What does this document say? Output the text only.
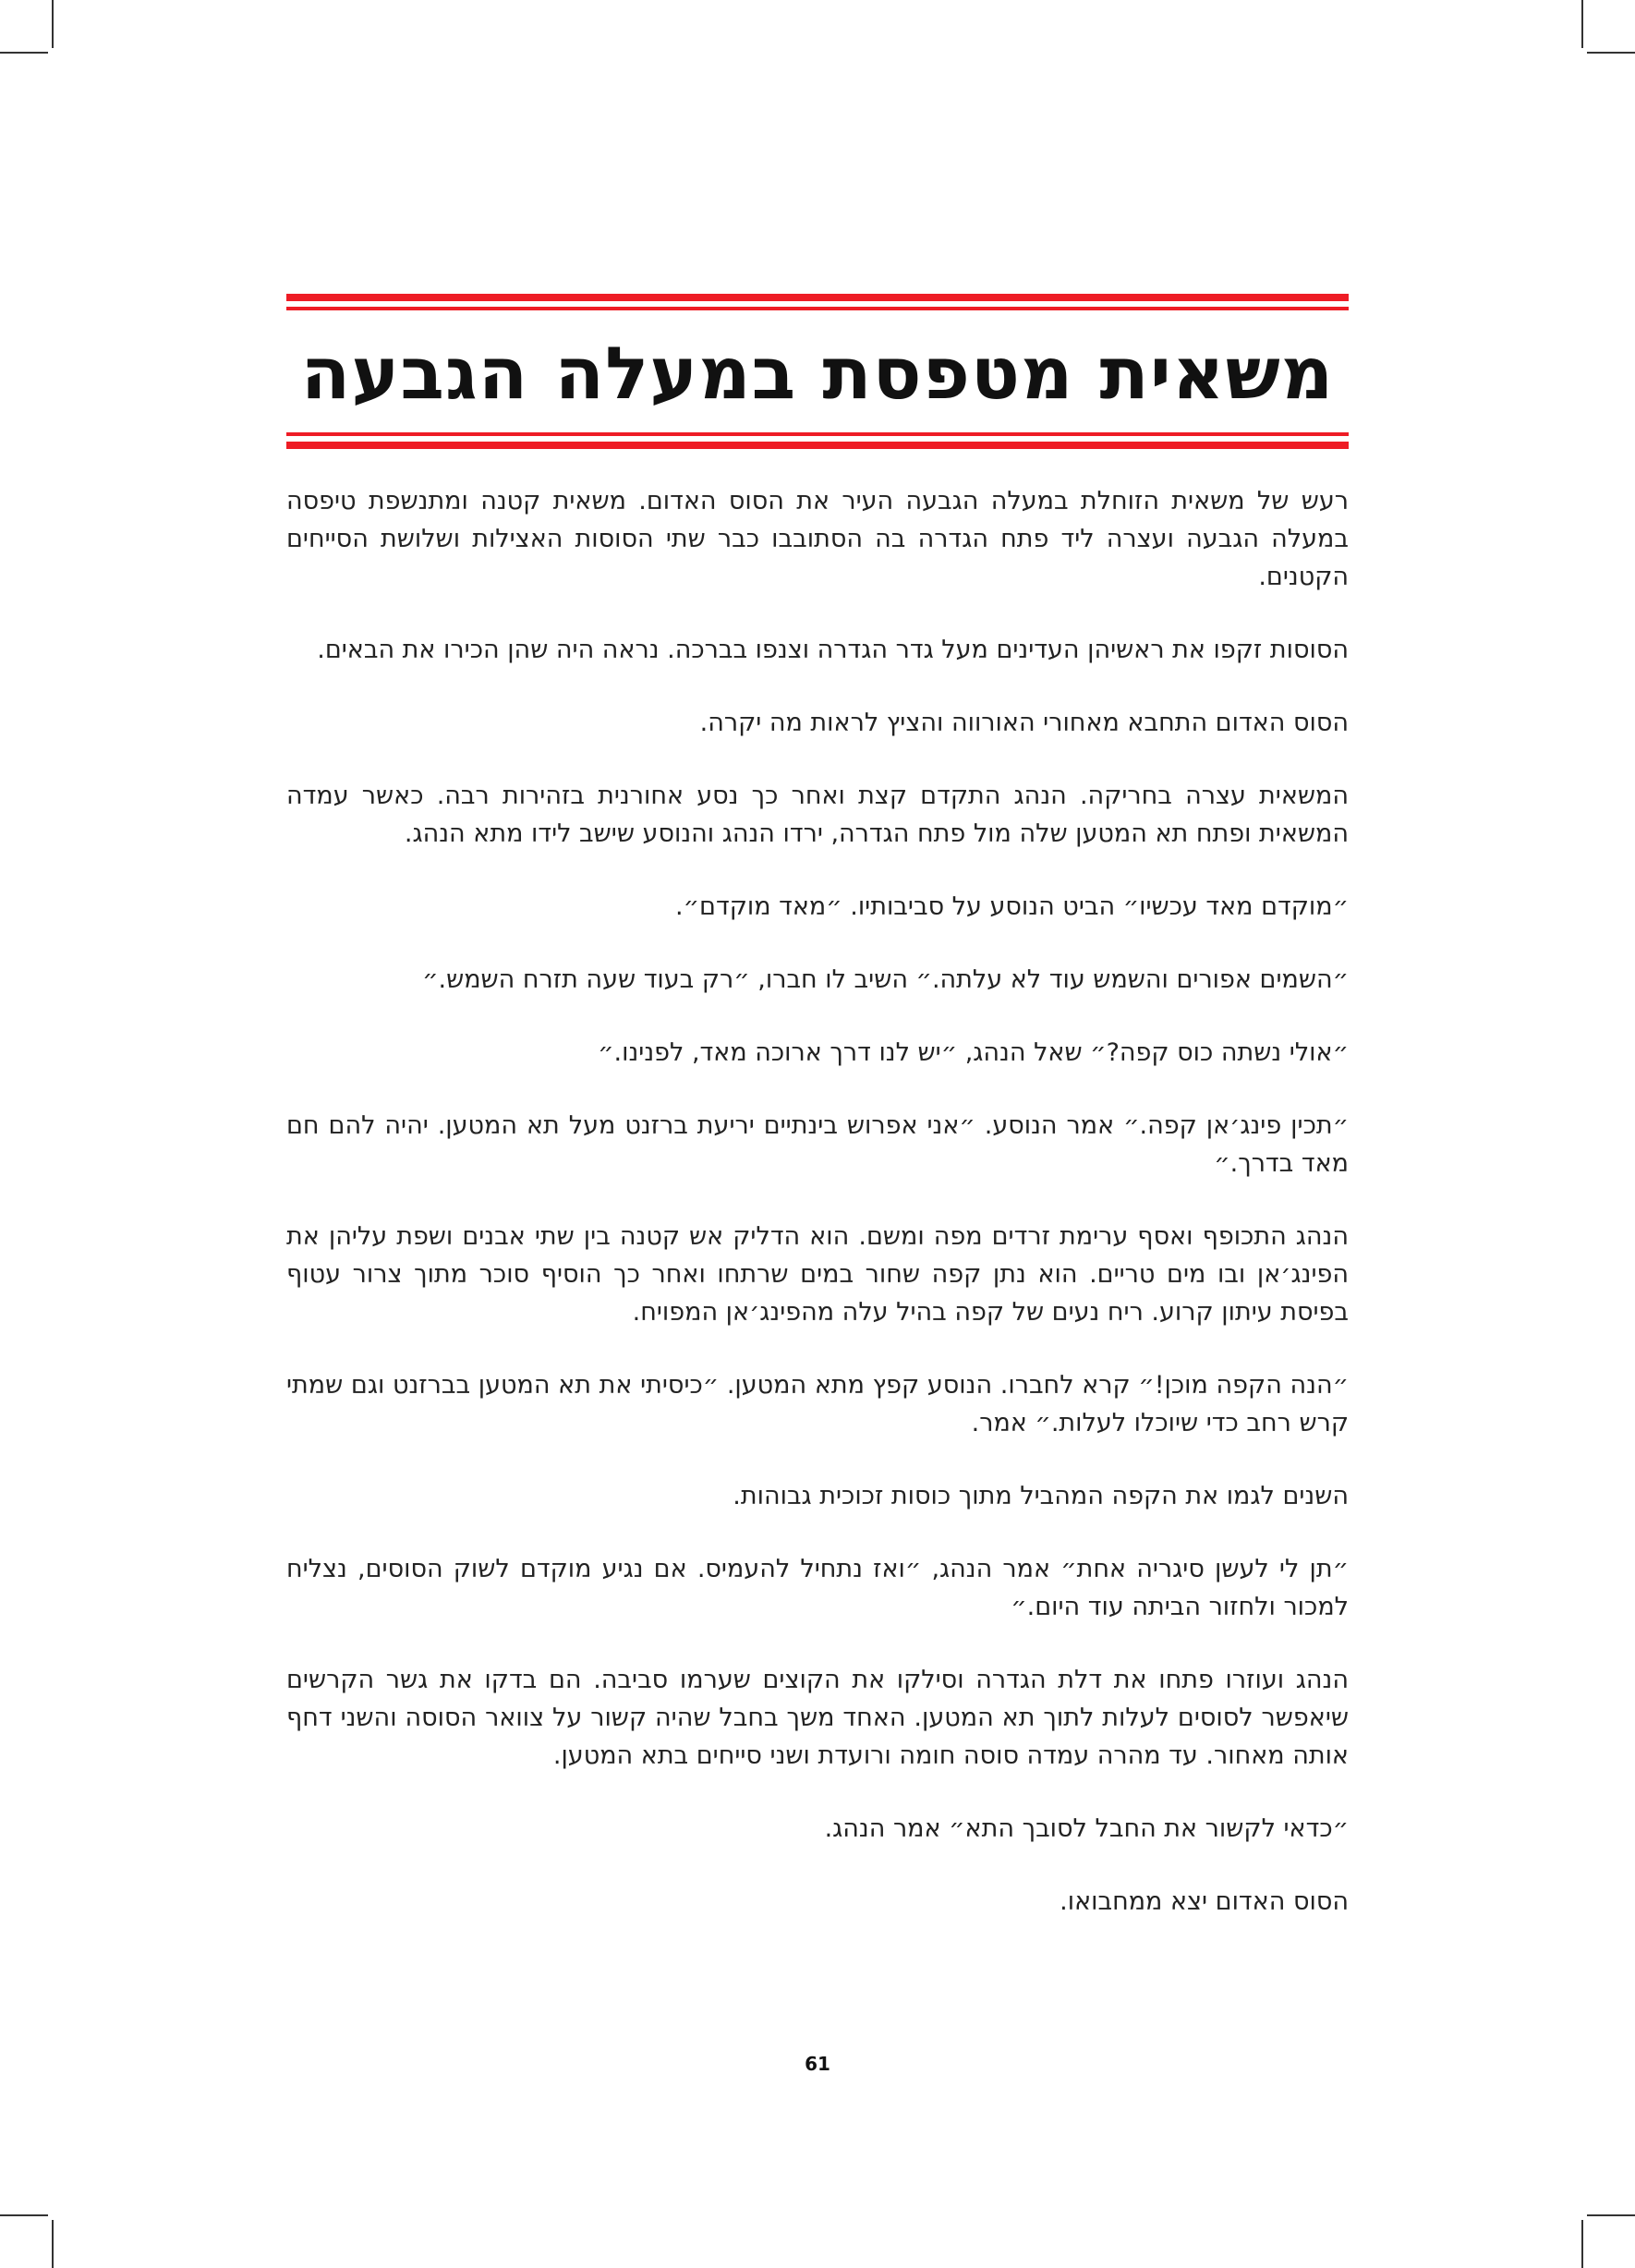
משאית מטפסת במעלה הגבעה

רעש של משאית הזוחלת במעלה הגבעה העיר את הסוס האדום. משאית קטנה ומתנשפת טיפסה במעלה הגבעה ועצרה ליד פתח הגדרה בה הסתובבו כבר שתי הסוסות האצילות ושלושת הסייחים הקטנים.

הסוסות זקפו את ראשיהן העדינים מעל גדר הגדרה וצנפו בברכה. נראה היה שהן הכירו את הבאים.

הסוס האדום התחבא מאחורי האורווה והציץ לראות מה יקרה.

המשאית עצרה בחריקה. הנהג התקדם קצת ואחר כך נסע אחורנית בזהירות רבה. כאשר עמדה המשאית ופתח תא המטען שלה מול פתח הגדרה, ירדו הנהג והנוסע שישב לידו מתא הנהג.

״מוקדם מאד עכשיו״ הביט הנוסע על סביבותיו. ״מאד מוקדם״.

״השמים אפורים והשמש עוד לא עלתה.״ השיב לו חברו, ״רק בעוד שעה תזרח השמש.״

״אולי נשתה כוס קפה?״ שאל הנהג, ״יש לנו דרך ארוכה מאד, לפנינו.״

״תכין פינג׳אן קפה.״ אמר הנוסע. ״אני אפרוש בינתיים יריעת ברזנט מעל תא המטען. יהיה להם חם מאד בדרך.״

הנהג התכופף ואסף ערימת זרדים מפה ומשם. הוא הדליק אש קטנה בין שתי אבנים ושפת עליהן את הפינג׳אן ובו מים טריים. הוא נתן קפה שחור במים שרתחו ואחר כך הוסיף סוכר מתוך צרור עטוף בפיסת עיתון קרוע. ריח נעים של קפה בהיל עלה מהפינג׳אן המפויח.

״הנה הקפה מוכן!״ קרא לחברו. הנוסע קפץ מתא המטען. ״כיסיתי את תא המטען בברזנט וגם שמתי קרש רחב כדי שיוכלו לעלות.״ אמר.

השנים לגמו את הקפה המהביל מתוך כוסות זכוכית גבוהות.

״תן לי לעשן סיגריה אחת״ אמר הנהג, ״ואז נתחיל להעמיס. אם נגיע מוקדם לשוק הסוסים, נצליח למכור ולחזור הביתה עוד היום.״

הנהג ועוזרו פתחו את דלת הגדרה וסילקו את הקוצים שערמו סביבה. הם בדקו את גשר הקרשים שיאפשר לסוסים לעלות לתוך תא המטען. האחד משך בחבל שהיה קשור על צוואר הסוסה והשני דחף אותה מאחור. עד מהרה עמדה סוסה חומה ורועדת ושני סייחים בתא המטען.

״כדאי לקשור את החבל לסובך התא״ אמר הנהג.

הסוס האדום יצא ממחבואו.

61
